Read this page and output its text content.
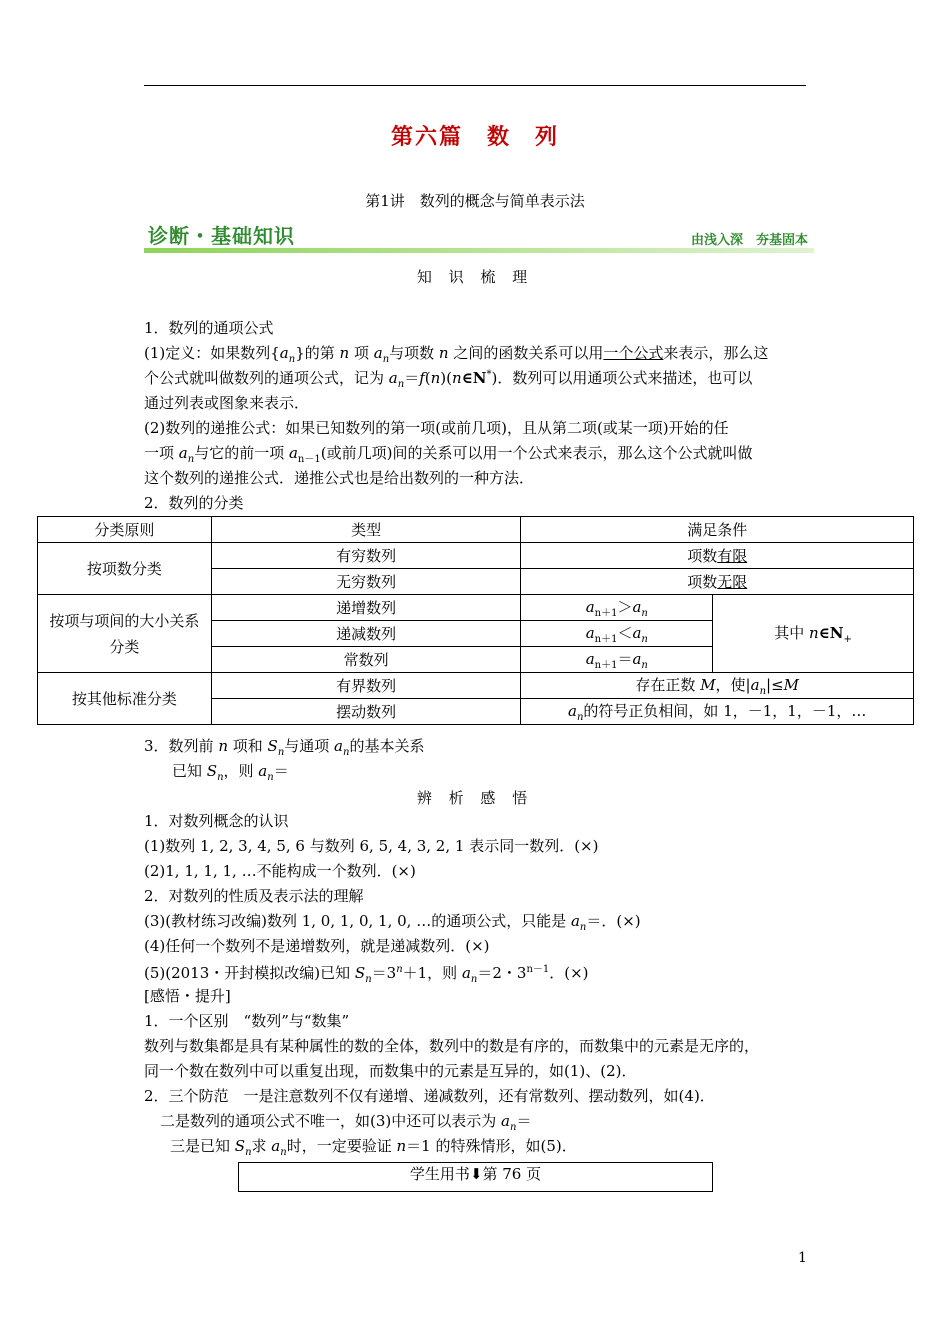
第六篇　数　列
第1讲　数列的概念与简单表示法
诊断・基础知识	由浅入深　夯基固本
知 识 梳 理
1．数列的通项公式
(1)定义：如果数列$\{a_n\}$的第 n 项 $a_n$与项数 n 之间的函数关系可以用一个公式来表示，那么这
个公式就叫做数列的通项公式，记为 $a_n=f(n)(n\in N^*)$．数列可以用通项公式来描述，也可以
通过列表或图象来表示．
(2)数列的递推公式：如果已知数列的第一项(或前几项)，且从第二项(或某一项)开始的任
一项 $a_n$与它的前一项 $a_{n-1}$(或前几项)间的关系可以用一个公式来表示，那么这个公式就叫做
这个数列的递推公式．递推公式也是给出数列的一种方法．
2．数列的分类
分类原则	类型	满足条件	
按项数分类	有穷数列	项数有限	
	无穷数列	项数无限	
按项与项间的大小关系分类	递增数列	$a_{n+1}>a_n$	其中 $n\in N_+$
	递减数列	$a_{n+1}<a_n$
	常数列	$a_{n+1}=a_n$
按其他标准分类	有界数列	存在正数 M，使$|a_n|\le M$	
	摆动数列	$a_n$的符号正负相间，如 1，－1，1，－1，…	
3．数列前 n 项和 $S_n$与通项 $a_n$的基本关系
已知 $S_n$，则 $a_n=$
辨 析 感 悟
1．对数列概念的认识
(1)数列 1, 2, 3, 4, 5, 6 与数列 6, 5, 4, 3, 2, 1 表示同一数列．(×)
(2)1, 1, 1, 1, …不能构成一个数列．(×)
2．对数列的性质及表示法的理解
(3)(教材练习改编)数列 1, 0, 1, 0, 1, 0, …的通项公式，只能是 $a_n=$．(×)
(4)任何一个数列不是递增数列，就是递减数列．(×)
(5)(2013・开封模拟改编)已知 $S_n=3^n+1$，则 $a_n=2$・$3^{n-1}$．(×)
[感悟・提升]
1．一个区别　“数列”与“数集”
数列与数集都是具有某种属性的数的全体，数列中的数是有序的，而数集中的元素是无序的，
同一个数在数列中可以重复出现，而数集中的元素是互异的，如(1)、(2)．
2．三个防范　一是注意数列不仅有递增、递减数列，还有常数列、摆动数列，如(4)．
二是数列的通项公式不唯一，如(3)中还可以表示为 $a_n=$
三是已知 $S_n$求 $a_n$时，一定要验证 n＝1 的特殊情形，如(5)．
学生用书⬇第 76 页
1
